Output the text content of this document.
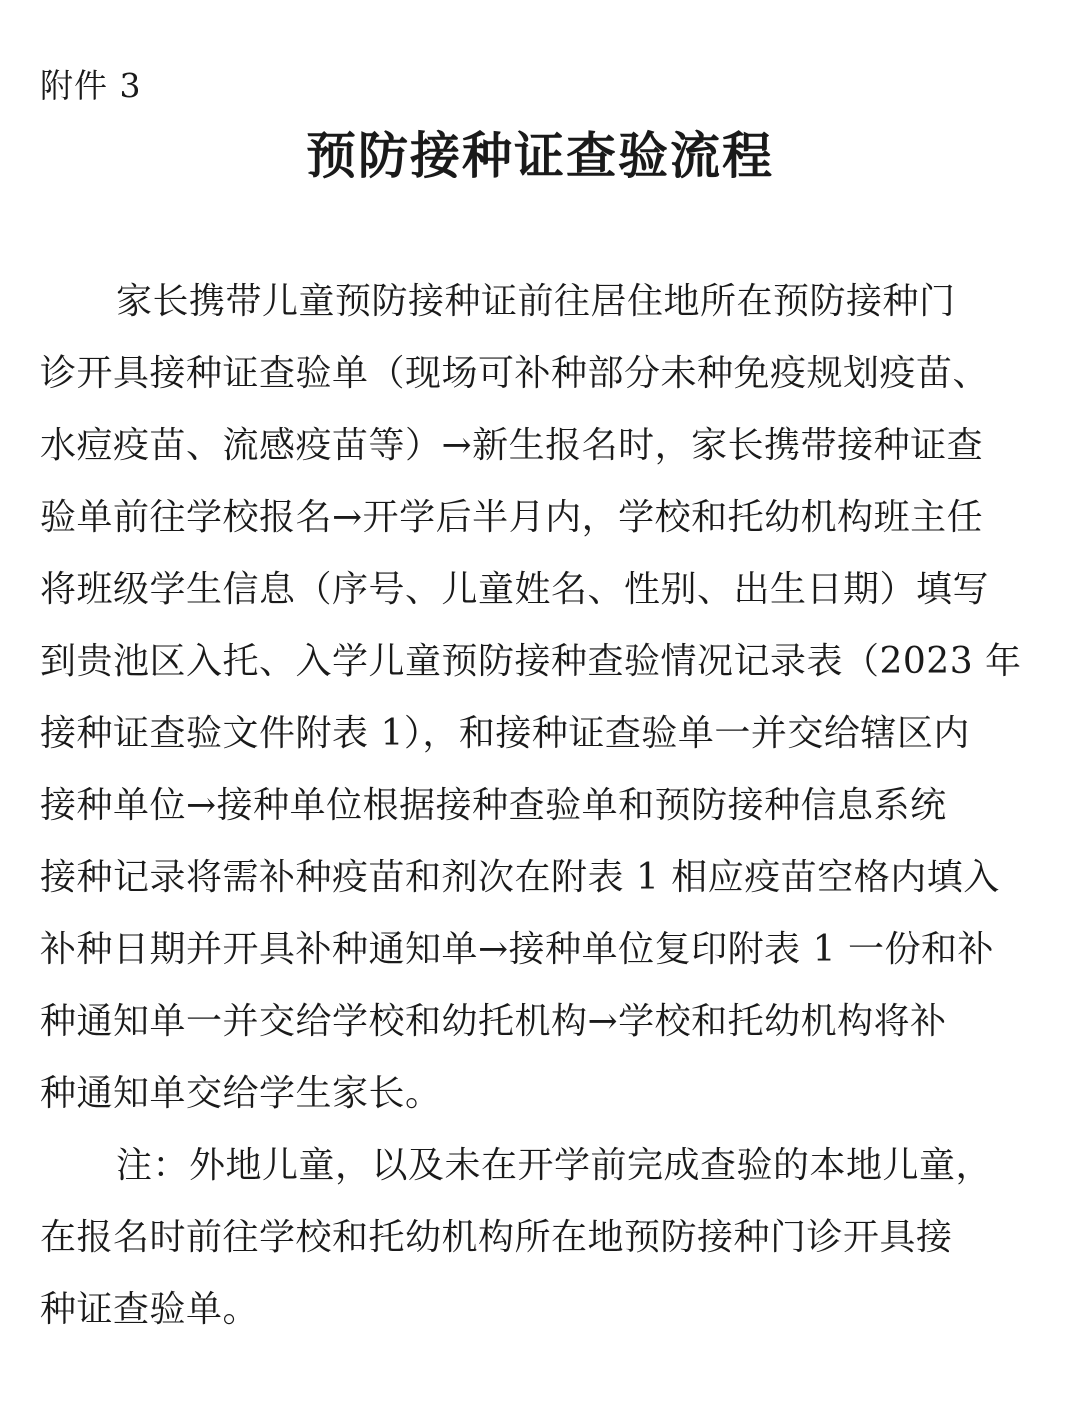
附件 3
预防接种证查验流程
家长携带儿童预防接种证前往居住地所在预防接种门
诊开具接种证查验单（现场可补种部分未种免疫规划疫苗、
水痘疫苗、流感疫苗等）→新生报名时，家长携带接种证查
验单前往学校报名→开学后半月内，学校和托幼机构班主任
将班级学生信息（序号、儿童姓名、性别、出生日期）填写
到贵池区入托、入学儿童预防接种查验情况记录表（2023 年
接种证查验文件附表 1），和接种证查验单一并交给辖区内
接种单位→接种单位根据接种查验单和预防接种信息系统
接种记录将需补种疫苗和剂次在附表 1 相应疫苗空格内填入
补种日期并开具补种通知单→接种单位复印附表 1 一份和补
种通知单一并交给学校和幼托机构→学校和托幼机构将补
种通知单交给学生家长。
注：外地儿童，以及未在开学前完成查验的本地儿童，
在报名时前往学校和托幼机构所在地预防接种门诊开具接
种证查验单。
